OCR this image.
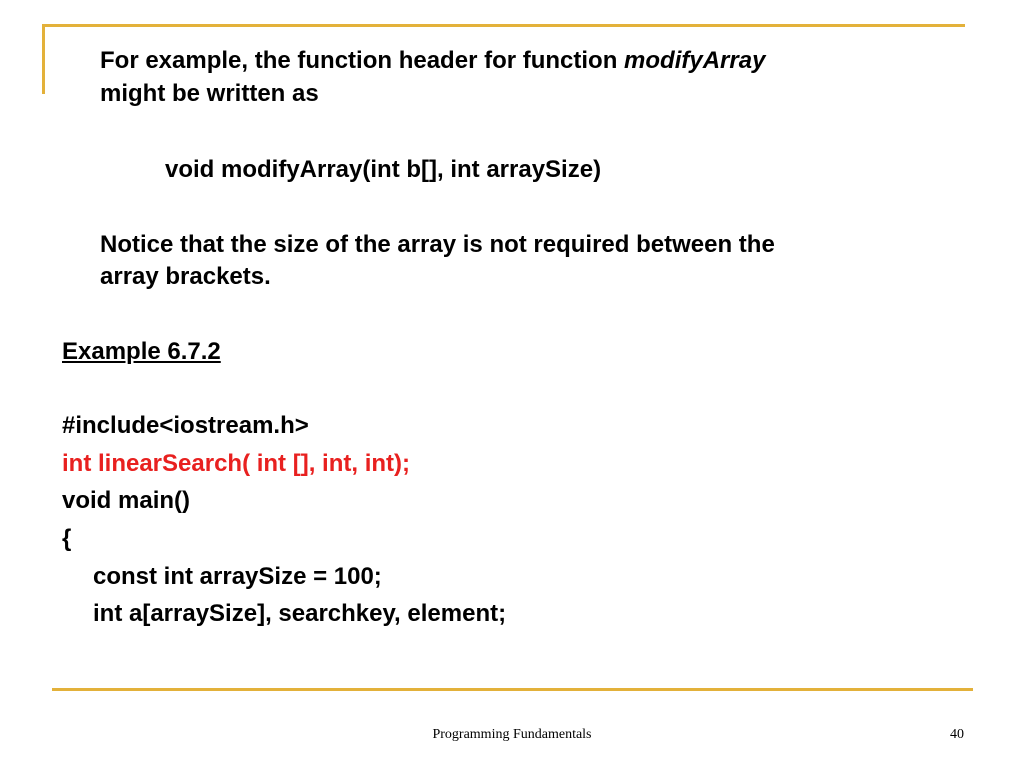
For example, the function header for function modifyArray
might be written as
void modifyArray(int b[], int arraySize)
Notice that the size of the array is not required between the
array brackets.
Example 6.7.2
#include<iostream.h>
int linearSearch( int [], int, int);
void main()
{
const int arraySize = 100;
int a[arraySize], searchkey, element;
Programming Fundamentals	40
